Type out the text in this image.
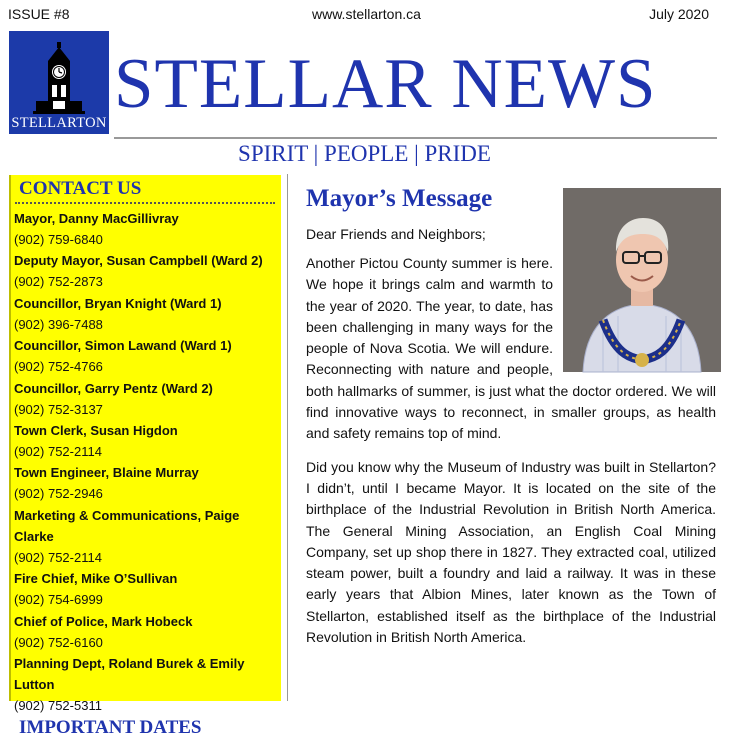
ISSUE #8	www.stellarton.ca	July 2020
STELLARTON STELLAR NEWS
SPIRIT | PEOPLE | PRIDE
CONTACT US
Mayor, Danny MacGillivray
(902) 759-6840
Deputy Mayor, Susan Campbell (Ward 2)
(902) 752-2873
Councillor, Bryan Knight (Ward 1)
(902) 396-7488
Councillor, Simon Lawand (Ward 1)
(902) 752-4766
Councillor, Garry Pentz (Ward 2)
(902) 752-3137
Town Clerk, Susan Higdon
(902) 752-2114
Town Engineer, Blaine Murray
(902) 752-2946
Marketing & Communications, Paige Clarke
(902) 752-2114
Fire Chief, Mike O’Sullivan
(902) 754-6999
Chief of Police, Mark Hobeck
(902) 752-6160
Planning Dept, Roland Burek & Emily Lutton
(902) 752-5311
IMPORTANT DATES
Mayor’s Message
Dear Friends and Neighbors;

Another Pictou County summer is here. We hope it brings calm and warmth to the year of 2020. The year, to date, has been challenging in many ways for the people of Nova Scotia. We will endure. Reconnecting with nature and people, both hallmarks of summer, is just what the doctor ordered. We will find innovative ways to reconnect, in smaller groups, as health and safety remains top of mind.

Did you know why the Museum of Industry was built in Stellarton? I didn’t, until I became Mayor. It is located on the site of the birthplace of the Industrial Revolution in British North America. The General Mining Association, an English Coal Mining Company, set up shop there in 1827. They extracted coal, utilized steam power, built a foundry and laid a railway. It was in these early years that Albion Mines, later known as the Town of Stellarton, established itself as the birthplace of the Industrial Revolution in British North America.
